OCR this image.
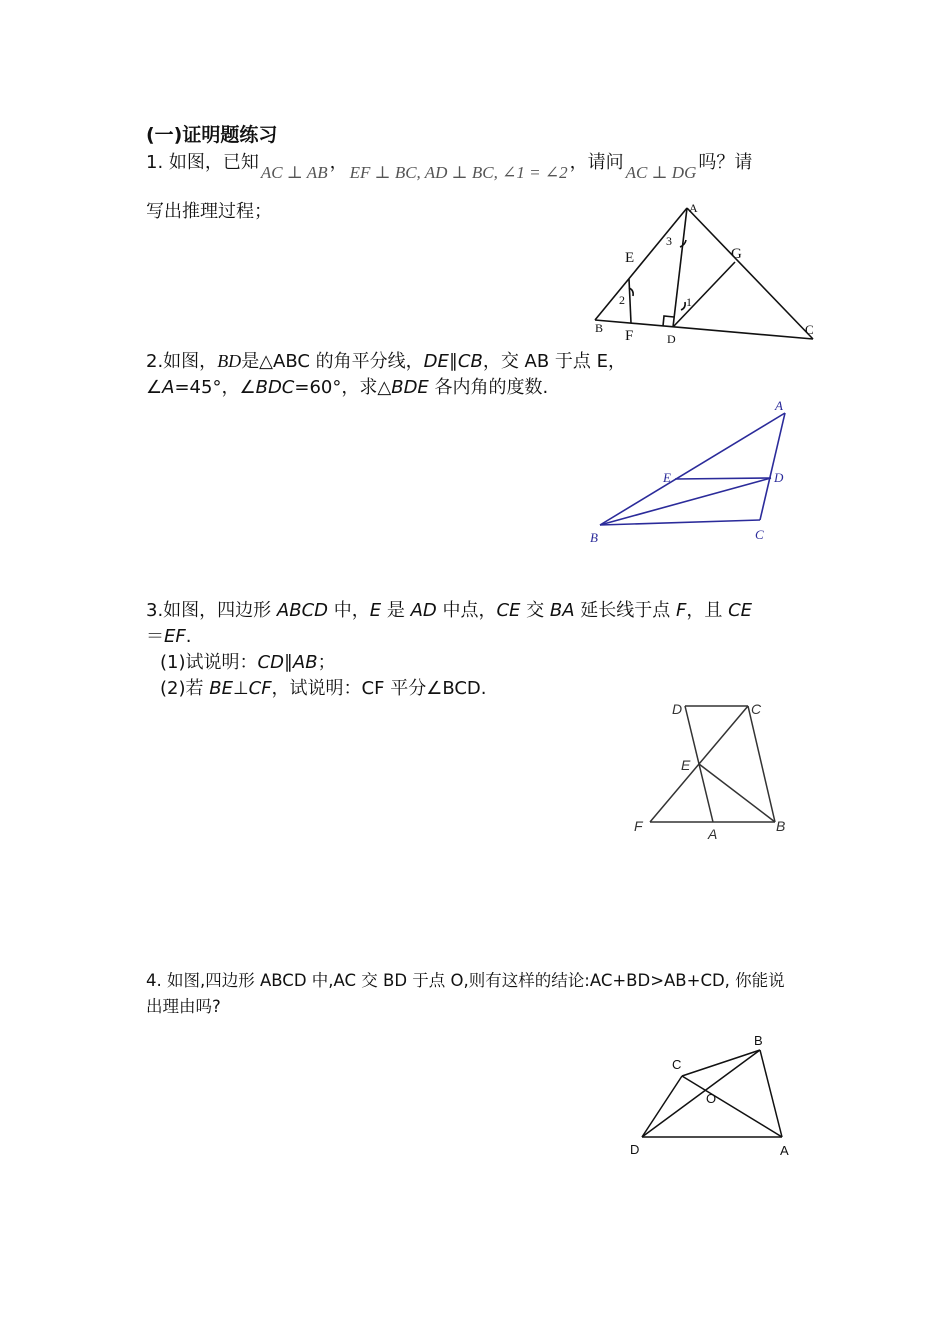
(一)证明题练习
1. 如图，已知 AC ⊥ AB ， EF ⊥ BC, AD ⊥ BC, ∠1 = ∠2 ，请问 AC ⊥ DG 吗？请
写出推理过程；	A
B	C
D
E
F
G
1
2
3
2.如图，BD是△ABC 的角平分线，DE∥CB，交 AB 于点 E，
∠A=45°，∠BDC=60°，求△BDE 各内角的度数.
A
B	C
D
E
3.如图，四边形 ABCD 中，E 是 AD 中点，CE 交 BA 延长线于点 F，且 CE
＝EF.
(1)试说明：CD∥AB；
(2)若 BE⊥CF，试说明：CF 平分∠BCD.
D	C
E
F	A	B
4. 如图,四边形 ABCD 中,AC 交 BD 于点 O,则有这样的结论:AC+BD>AB+CD, 你能说
出理由吗?
B
C
O
D	A
